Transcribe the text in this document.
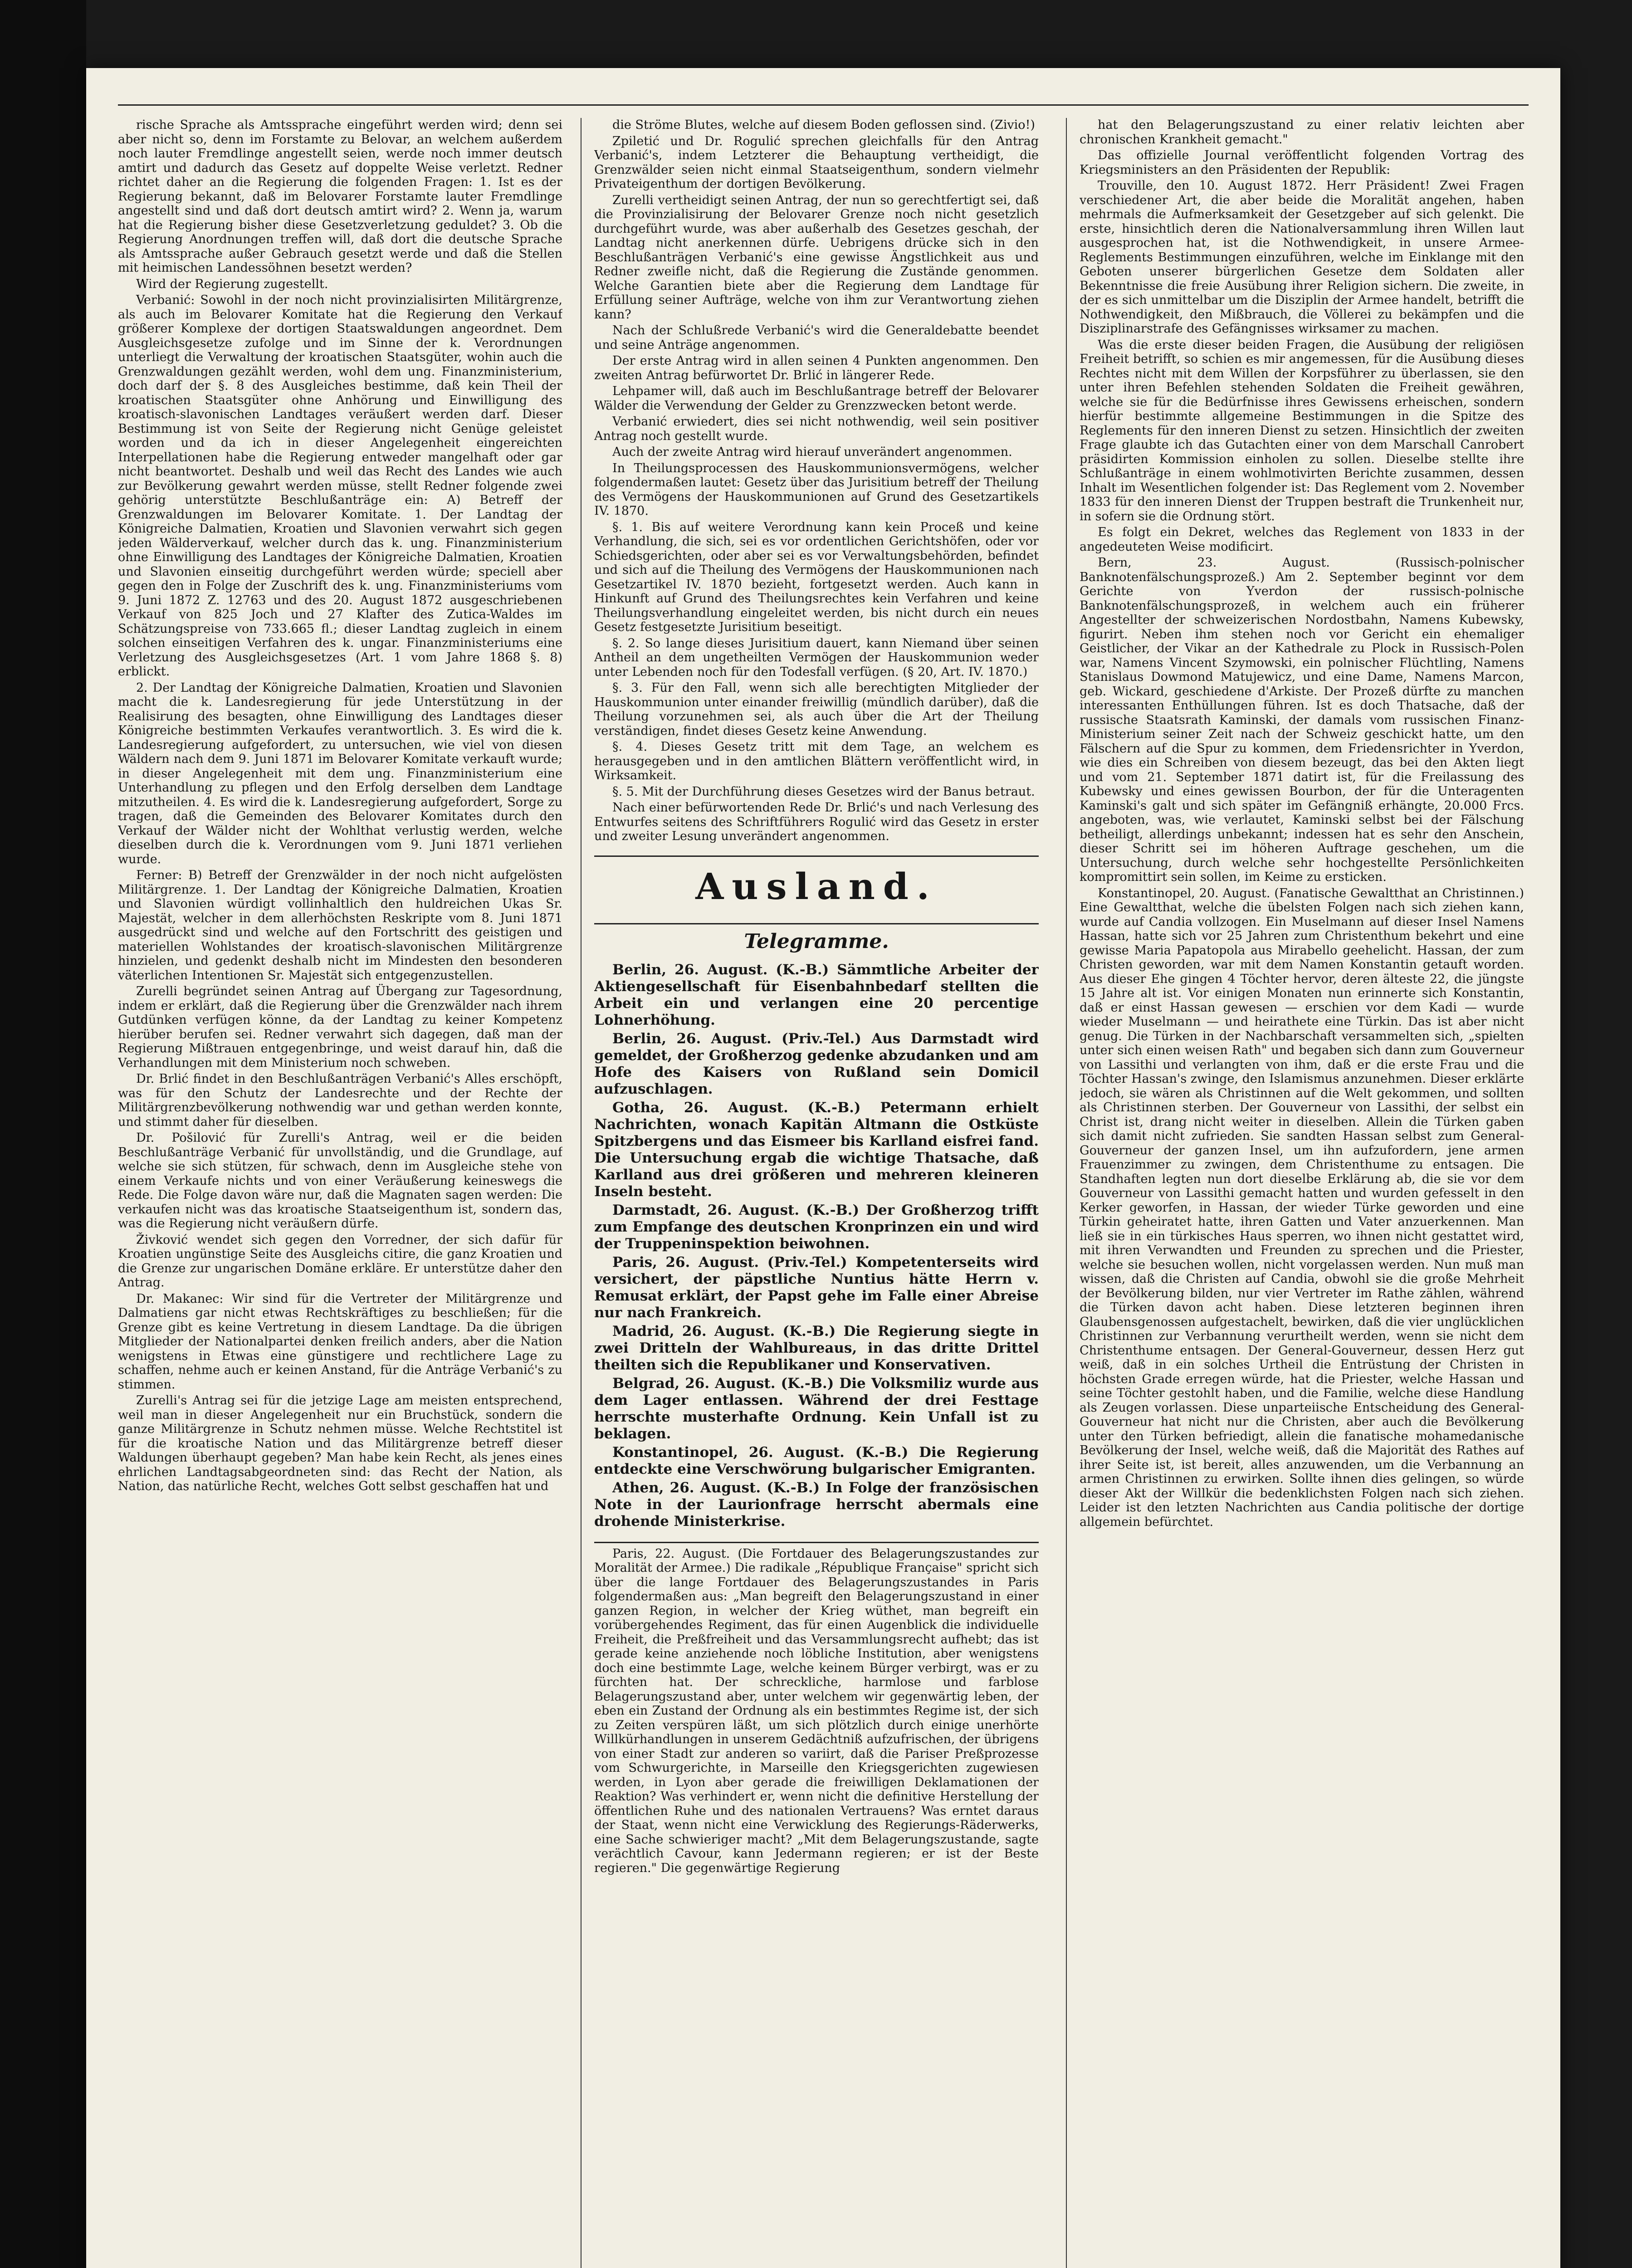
rische Sprache als Amtssprache eingeführt werden wird; denn sei aber nicht so, denn im Forstamte zu Belovar, an welchem außerdem noch lauter Fremdlinge angestellt seien, werde noch immer deutsch amtirt und dadurch das Gesetz auf doppelte Weise verletzt. Redner richtet daher an die Regierung die folgenden Fragen: 1. Ist es der Regierung bekannt, daß im Belovarer Forstamte lauter Fremdlinge angestellt sind und daß dort deutsch amtirt wird? 2. Wenn ja, warum hat die Regierung bisher diese Gesetzverletzung geduldet? 3. Ob die Regierung Anordnungen treffen will, daß dort die deutsche Sprache als Amtssprache außer Gebrauch gesetzt werde und daß die Stellen mit heimischen Landessöhnen besetzt werden?

Wird der Regierung zugestellt.

Verbanić: Sowohl in der noch nicht provinzialisirten Militärgrenze, als auch im Belovarer Komitate hat die Regierung den Verkauf größerer Komplexe der dortigen Staatswaldungen angeordnet. Dem Ausgleichsgesetze zufolge und im Sinne der k. Verordnungen unterliegt die Verwaltung der kroatischen Staatsgüter, wohin auch die Grenzwaldungen gezählt werden, wohl dem ung. Finanzministerium, doch darf der §. 8 des Ausgleiches bestimme, daß kein Theil der kroatischen Staatsgüter ohne Anhörung und Einwilligung des kroatisch-slavonischen Landtages veräußert werden darf. Dieser Bestimmung ist von Seite der Regierung nicht Genüge geleistet worden und da ich in dieser Angelegenheit eingereichten Interpellationen habe die Regierung entweder mangelhaft oder gar nicht beantwortet. Deshalb und weil das Recht des Landes wie auch zur Bevölkerung gewahrt werden müsse, stellt Redner folgende zwei gehörig unterstützte Beschlußanträge ein: A) Betreff der Grenzwaldungen im Belovarer Komitate. 1. Der Landtag der Königreiche Dalmatien, Kroatien und Slavonien verwahrt sich gegen jeden Wälderverkauf, welcher durch das k. ung. Finanzministerium ohne Einwilligung des Landtages der Königreiche Dalmatien, Kroatien und Slavonien einseitig durchgeführt werden würde; speciell aber gegen den in Folge der Zuschrift des k. ung. Finanzministeriums vom 9. Juni 1872 Z. 12763 und des 20. August 1872 ausgeschriebenen Verkauf von 825 Joch und 27 Klafter des Zutica-Waldes im Schätzungspreise von 733.665 fl.; dieser Landtag zugleich in einem solchen einseitigen Verfahren des k. ungar. Finanzministeriums eine Verletzung des Ausgleichsgesetzes (Art. 1 vom Jahre 1868 §. 8) erblickt.

2. Der Landtag der Königreiche Dalmatien, Kroatien und Slavonien macht die k. Landesregierung für jede Unterstützung in der Realisirung des besagten, ohne Einwilligung des Landtages dieser Königreiche bestimmten Verkaufes verantwortlich. 3. Es wird die k. Landesregierung aufgefordert, zu untersuchen, wie viel von diesen Wäldern nach dem 9. Juni 1871 im Belovarer Komitate verkauft wurde; in dieser Angelegenheit mit dem ung. Finanzministerium eine Unterhandlung zu pflegen und den Erfolg derselben dem Landtage mitzutheilen. 4. Es wird die k. Landesregierung aufgefordert, Sorge zu tragen, daß die Gemeinden des Belovarer Komitates durch den Verkauf der Wälder nicht der Wohlthat verlustig werden, welche dieselben durch die k. Verordnungen vom 9. Juni 1871 verliehen wurde.

Ferner: B) Betreff der Grenzwälder in der noch nicht aufgelösten Militärgrenze. 1. Der Landtag der Königreiche Dalmatien, Kroatien und Slavonien würdigt vollinhaltlich den huldreichen Ukas Sr. Majestät, welcher in dem allerhöchsten Reskripte vom 8. Juni 1871 ausgedrückt sind und welche auf den Fortschritt des geistigen und materiellen Wohlstandes der kroatisch-slavonischen Militärgrenze hinzielen, und gedenkt deshalb nicht im Mindesten den besonderen väterlichen Intentionen Sr. Majestät sich entgegenzustellen.

Zurelli begründet seinen Antrag auf Übergang zur Tagesordnung, indem er erklärt, daß die Regierung über die Grenzwälder nach ihrem Gutdünken verfügen könne, da der Landtag zu keiner Kompetenz hierüber berufen sei. Redner verwahrt sich dagegen, daß man der Regierung Mißtrauen entgegenbringe, und weist darauf hin, daß die Verhandlungen mit dem Ministerium noch schweben.

Dr. Brlić findet in den Beschlußanträgen Verbanić's Alles erschöpft, was für den Schutz der Landesrechte und der Rechte der Militärgrenzbevölkerung nothwendig war und gethan werden konnte, und stimmt daher für dieselben.

Dr. Pošilović für Zurelli's Antrag, weil er die beiden Beschlußanträge Verbanić für unvollständig, und die Grundlage, auf welche sie sich stützen, für schwach, denn im Ausgleiche stehe von einem Verkaufe nichts und von einer Veräußerung keineswegs die Rede. Die Folge davon wäre nur, daß die Magnaten sagen werden: Die verkaufen nicht was das kroatische Staatseigenthum ist, sondern das, was die Regierung nicht veräußern dürfe.

Živković wendet sich gegen den Vorredner, der sich dafür für Kroatien ungünstige Seite des Ausgleichs citire, die ganz Kroatien und die Grenze zur ungarischen Domäne erkläre. Er unterstütze daher den Antrag.

Dr. Makanec: Wir sind für die Vertreter der Militärgrenze und Dalmatiens gar nicht etwas Rechtskräftiges zu beschließen; für die Grenze gibt es keine Vertretung in diesem Landtage. Da die übrigen Mitglieder der Nationalpartei denken freilich anders, aber die Nation wenigstens in Etwas eine günstigere und rechtlichere Lage zu schaffen, nehme auch er keinen Anstand, für die Anträge Verbanić's zu stimmen.

Zurelli's Antrag sei für die jetzige Lage am meisten entsprechend, weil man in dieser Angelegenheit nur ein Bruchstück, sondern die ganze Militärgrenze in Schutz nehmen müsse. Welche Rechtstitel ist für die kroatische Nation und das Militärgrenze betreff dieser Waldungen überhaupt gegeben? Man habe kein Recht, als jenes eines ehrlichen Landtagsabgeordneten sind: das Recht der Nation, als Nation, das natürliche Recht, welches Gott selbst geschaffen hat und

die Ströme Blutes, welche auf diesem Boden geflossen sind. (Zivio!)

Zpiletić und Dr. Rogulić sprechen gleichfalls für den Antrag Verbanić's, indem Letzterer die Behauptung vertheidigt, die Grenzwälder seien nicht einmal Staatseigenthum, sondern vielmehr Privateigenthum der dortigen Bevölkerung.

Zurelli vertheidigt seinen Antrag, der nun so gerechtfertigt sei, daß die Provinzialisirung der Belovarer Grenze noch nicht gesetzlich durchgeführt wurde, was aber außerhalb des Gesetzes geschah, der Landtag nicht anerkennen dürfe. Uebrigens drücke sich in den Beschlußanträgen Verbanić's eine gewisse Ängstlichkeit aus und Redner zweifle nicht, daß die Regierung die Zustände genommen. Welche Garantien biete aber die Regierung dem Landtage für Erfüllung seiner Aufträge, welche von ihm zur Verantwortung ziehen kann?

Nach der Schlußrede Verbanić's wird die Generaldebatte beendet und seine Anträge angenommen.

Der erste Antrag wird in allen seinen 4 Punkten angenommen. Den zweiten Antrag befürwortet Dr. Brlić in längerer Rede.

Lehpamer will, daß auch im Beschlußantrage betreff der Belovarer Wälder die Verwendung der Gelder zu Grenzzwecken betont werde.

Verbanić erwiedert, dies sei nicht nothwendig, weil sein positiver Antrag noch gestellt wurde.

Auch der zweite Antrag wird hierauf unverändert angenommen.

In Theilungsprocessen des Hauskommunionsvermögens, welcher folgendermaßen lautet: Gesetz über das Jurisitium betreff der Theilung des Vermögens der Hauskommunionen auf Grund des Gesetzartikels IV. 1870.

§. 1. Bis auf weitere Verordnung kann kein Proceß und keine Verhandlung, die sich, sei es vor ordentlichen Gerichtshöfen, oder vor Schiedsgerichten, oder aber sei es vor Verwaltungsbehörden, befindet und sich auf die Theilung des Vermögens der Hauskommunionen nach Gesetzartikel IV. 1870 bezieht, fortgesetzt werden. Auch kann in Hinkunft auf Grund des Theilungsrechtes kein Verfahren und keine Theilungsverhandlung eingeleitet werden, bis nicht durch ein neues Gesetz festgesetzte Jurisitium beseitigt.

§. 2. So lange dieses Jurisitium dauert, kann Niemand über seinen Antheil an dem ungetheilten Vermögen der Hauskommunion weder unter Lebenden noch für den Todesfall verfügen. (§ 20, Art. IV. 1870.)

§. 3. Für den Fall, wenn sich alle berechtigten Mitglieder der Hauskommunion unter einander freiwillig (mündlich darüber), daß die Theilung vorzunehmen sei, als auch über die Art der Theilung verständigen, findet dieses Gesetz keine Anwendung.

§. 4. Dieses Gesetz tritt mit dem Tage, an welchem es herausgegeben und in den amtlichen Blättern veröffentlicht wird, in Wirksamkeit.

§. 5. Mit der Durchführung dieses Gesetzes wird der Banus betraut.

Nach einer befürwortenden Rede Dr. Brlić's und nach Verlesung des Entwurfes seitens des Schriftführers Rogulić wird das Gesetz in erster und zweiter Lesung unverändert angenommen.

Ausland.
Telegramme.

Berlin, 26. August. (K.-B.) Sämmtliche Arbeiter der Aktiengesellschaft für Eisenbahnbedarf stellten die Arbeit ein und verlangen eine 20 percentige Lohnerhöhung.

Berlin, 26. August. (Priv.-Tel.) Aus Darmstadt wird gemeldet, der Großherzog gedenke abzudanken und am Hofe des Kaisers von Rußland sein Domicil aufzuschlagen.

Gotha, 26. August. (K.-B.) Petermann erhielt Nachrichten, wonach Kapitän Altmann die Ostküste Spitzbergens und das Eismeer bis Karlland eisfrei fand. Die Untersuchung ergab die wichtige Thatsache, daß Karlland aus drei größeren und mehreren kleineren Inseln besteht.

Darmstadt, 26. August. (K.-B.) Der Großherzog trifft zum Empfange des deutschen Kronprinzen ein und wird der Truppeninspektion beiwohnen.

Paris, 26. August. (Priv.-Tel.) Kompetenterseits wird versichert, der päpstliche Nuntius hätte Herrn v. Remusat erklärt, der Papst gehe im Falle einer Abreise nur nach Frankreich.

Madrid, 26. August. (K.-B.) Die Regierung siegte in zwei Dritteln der Wahlbureaus, in das dritte Drittel theilten sich die Republikaner und Konservativen.

Belgrad, 26. August. (K.-B.) Die Volksmiliz wurde aus dem Lager entlassen. Während der drei Festtage herrschte musterhafte Ordnung. Kein Unfall ist zu beklagen.

Konstantinopel, 26. August. (K.-B.) Die Regierung entdeckte eine Verschwörung bulgarischer Emigranten.

Athen, 26. August. (K.-B.) In Folge der französischen Note in der Laurionfrage herrscht abermals eine drohende Ministerkrise.

Paris, 22. August. (Die Fortdauer des Belagerungszustandes zur Moralität der Armee.) Die radikale „République Française" spricht sich über die lange Fortdauer des Belagerungszustandes in Paris folgendermaßen aus: „Man begreift den Belagerungszustand in einer ganzen Region, in welcher der Krieg wüthet, man begreift ein vorübergehendes Regiment, das für einen Augenblick die individuelle Freiheit, die Preßfreiheit und das Versammlungsrecht aufhebt; das ist gerade keine anziehende noch löbliche Institution, aber wenigstens doch eine bestimmte Lage, welche keinem Bürger verbirgt, was er zu fürchten hat. Der schreckliche, harmlose und farblose Belagerungszustand aber, unter welchem wir gegenwärtig leben, der eben ein Zustand der Ordnung als ein bestimmtes Regime ist, der sich zu Zeiten verspüren läßt, um sich plötzlich durch einige unerhörte Willkürhandlungen in unserem Gedächtniß aufzufrischen, der übrigens von einer Stadt zur anderen so variirt, daß die Pariser Preßprozesse vom Schwurgerichte, in Marseille den Kriegsgerichten zugewiesen werden, in Lyon aber gerade die freiwilligen Deklamationen der Reaktion? Was verhindert er, wenn nicht die definitive Herstellung der öffentlichen Ruhe und des nationalen Vertrauens? Was erntet daraus der Staat, wenn nicht eine Verwicklung des Regierungs-Räderwerks, eine Sache schwieriger macht? „Mit dem Belagerungszustande, sagte verächtlich Cavour, kann Jedermann regieren; er ist der Beste regieren." Die gegenwärtige Regierung

hat den Belagerungszustand zu einer relativ leichten aber chronischen Krankheit gemacht."

Das offizielle Journal veröffentlicht folgenden Vortrag des Kriegsministers an den Präsidenten der Republik:

Trouville, den 10. August 1872. Herr Präsident! Zwei Fragen verschiedener Art, die aber beide die Moralität angehen, haben mehrmals die Aufmerksamkeit der Gesetzgeber auf sich gelenkt. Die erste, hinsichtlich deren die Nationalversammlung ihren Willen laut ausgesprochen hat, ist die Nothwendigkeit, in unsere Armee-Reglements Bestimmungen einzuführen, welche im Einklange mit den Geboten unserer bürgerlichen Gesetze dem Soldaten aller Bekenntnisse die freie Ausübung ihrer Religion sichern. Die zweite, in der es sich unmittelbar um die Disziplin der Armee handelt, betrifft die Nothwendigkeit, den Mißbrauch, die Völlerei zu bekämpfen und die Disziplinarstrafe des Gefängnisses wirksamer zu machen.

Was die erste dieser beiden Fragen, die Ausübung der religiösen Freiheit betrifft, so schien es mir angemessen, für die Ausübung dieses Rechtes nicht mit dem Willen der Korpsführer zu überlassen, sie den unter ihren Befehlen stehenden Soldaten die Freiheit gewähren, welche sie für die Bedürfnisse ihres Gewissens erheischen, sondern hierfür bestimmte allgemeine Bestimmungen in die Spitze des Reglements für den inneren Dienst zu setzen. Hinsichtlich der zweiten Frage glaubte ich das Gutachten einer von dem Marschall Canrobert präsidirten Kommission einholen zu sollen. Dieselbe stellte ihre Schlußanträge in einem wohlmotivirten Berichte zusammen, dessen Inhalt im Wesentlichen folgender ist: Das Reglement vom 2. November 1833 für den inneren Dienst der Truppen bestraft die Trunkenheit nur, in sofern sie die Ordnung stört.

Es folgt ein Dekret, welches das Reglement von 1833 in der angedeuteten Weise modificirt.

Bern, 23. August. (Russisch-polnischer Banknotenfälschungsprozeß.) Am 2. September beginnt vor dem Gerichte von Yverdon der russisch-polnische Banknotenfälschungsprozeß, in welchem auch ein früherer Angestellter der schweizerischen Nordostbahn, Namens Kubewsky, figurirt. Neben ihm stehen noch vor Gericht ein ehemaliger Geistlicher, der Vikar an der Kathedrale zu Plock in Russisch-Polen war, Namens Vincent Szymowski, ein polnischer Flüchtling, Namens Stanislaus Dowmond Matujewicz, und eine Dame, Namens Marcon, geb. Wickard, geschiedene d'Arkiste. Der Prozeß dürfte zu manchen interessanten Enthüllungen führen. Ist es doch Thatsache, daß der russische Staatsrath Kaminski, der damals vom russischen Finanz-Ministerium seiner Zeit nach der Schweiz geschickt hatte, um den Fälschern auf die Spur zu kommen, dem Friedensrichter in Yverdon, wie dies ein Schreiben von diesem bezeugt, das bei den Akten liegt und vom 21. September 1871 datirt ist, für die Freilassung des Kubewsky und eines gewissen Bourbon, der für die Unteragenten Kaminski's galt und sich später im Gefängniß erhängte, 20.000 Frcs. angeboten, was, wie verlautet, Kaminski selbst bei der Fälschung betheiligt, allerdings unbekannt; indessen hat es sehr den Anschein, dieser Schritt sei im höheren Auftrage geschehen, um die Untersuchung, durch welche sehr hochgestellte Persönlichkeiten kompromittirt sein sollen, im Keime zu ersticken.

Konstantinopel, 20. August. (Fanatische Gewaltthat an Christinnen.) Eine Gewaltthat, welche die übelsten Folgen nach sich ziehen kann, wurde auf Candia vollzogen. Ein Muselmann auf dieser Insel Namens Hassan, hatte sich vor 25 Jahren zum Christenthum bekehrt und eine gewisse Maria Papatopola aus Mirabello geehelicht. Hassan, der zum Christen geworden, war mit dem Namen Konstantin getauft worden. Aus dieser Ehe gingen 4 Töchter hervor, deren älteste 22, die jüngste 15 Jahre alt ist. Vor einigen Monaten nun erinnerte sich Konstantin, daß er einst Hassan gewesen — erschien vor dem Kadi — wurde wieder Muselmann — und heirathete eine Türkin. Das ist aber nicht genug. Die Türken in der Nachbarschaft versammelten sich, „spielten unter sich einen weisen Rath" und begaben sich dann zum Gouverneur von Lassithi und verlangten von ihm, daß er die erste Frau und die Töchter Hassan's zwinge, den Islamismus anzunehmen. Dieser erklärte jedoch, sie wären als Christinnen auf die Welt gekommen, und sollten als Christinnen sterben. Der Gouverneur von Lassithi, der selbst ein Christ ist, drang nicht weiter in dieselben. Allein die Türken gaben sich damit nicht zufrieden. Sie sandten Hassan selbst zum General-Gouverneur der ganzen Insel, um ihn aufzufordern, jene armen Frauenzimmer zu zwingen, dem Christenthume zu entsagen. Die Standhaften legten nun dort dieselbe Erklärung ab, die sie vor dem Gouverneur von Lassithi gemacht hatten und wurden gefesselt in den Kerker geworfen, in Hassan, der wieder Türke geworden und eine Türkin geheiratet hatte, ihren Gatten und Vater anzuerkennen. Man ließ sie in ein türkisches Haus sperren, wo ihnen nicht gestattet wird, mit ihren Verwandten und Freunden zu sprechen und die Priester, welche sie besuchen wollen, nicht vorgelassen werden. Nun muß man wissen, daß die Christen auf Candia, obwohl sie die große Mehrheit der Bevölkerung bilden, nur vier Vertreter im Rathe zählen, während die Türken davon acht haben. Diese letzteren beginnen ihren Glaubensgenossen aufgestachelt, bewirken, daß die vier unglücklichen Christinnen zur Verbannung verurtheilt werden, wenn sie nicht dem Christenthume entsagen. Der General-Gouverneur, dessen Herz gut weiß, daß in ein solches Urtheil die Entrüstung der Christen in höchsten Grade erregen würde, hat die Priester, welche Hassan und seine Töchter gestohlt haben, und die Familie, welche diese Handlung als Zeugen vorlassen. Diese unparteiische Entscheidung des General-Gouverneur hat nicht nur die Christen, aber auch die Bevölkerung unter den Türken befriedigt, allein die fanatische mohamedanische Bevölkerung der Insel, welche weiß, daß die Majorität des Rathes auf ihrer Seite ist, ist bereit, alles anzuwenden, um die Verbannung an armen Christinnen zu erwirken. Sollte ihnen dies gelingen, so würde dieser Akt der Willkür die bedenklichsten Folgen nach sich ziehen. Leider ist den letzten Nachrichten aus Candia politische der dortige allgemein befürchtet.
